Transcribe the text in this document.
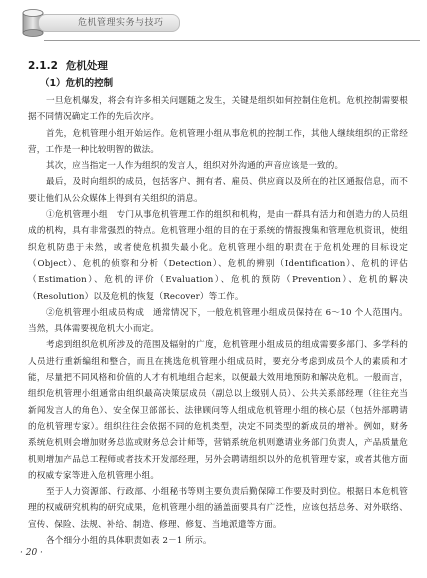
危机管理实务与技巧
2.1.2 危机处理
（1）危机的控制

一旦危机爆发，将会有许多相关问题随之发生，关键是组织如何控制住危机。危机控制需要根据不同情况确定工作的先后次序。

首先，危机管理小组开始运作。危机管理小组从事危机的控制工作，其他人继续组织的正常经营，工作是一种比较明智的做法。

其次，应当指定一人作为组织的发言人，组织对外沟通的声音应该是一致的。

最后，及时向组织的成员，包括客户、拥有者、雇员、供应商以及所在的社区通报信息，而不要让他们从公众媒体上得到有关组织的消息。

①危机管理小组　专门从事危机管理工作的组织和机构，是由一群具有活力和创造力的人员组成的机构，具有非常强烈的特点。危机管理小组的目的在于系统的情报搜集和管理危机资讯，使组织危机防患于未然，或者使危机损失最小化。危机管理小组的职责在于危机处理的目标设定（Object）、危机的侦察和分析（Detection）、危机的辨别（Identification）、危机的评估（Estimation）、危机的评价（Evaluation）、危机的预防（Prevention）、危机的解决（Resolution）以及危机的恢复（Recover）等工作。

②危机管理小组成员构成　通常情况下，一般危机管理小组成员保持在 6～10 个人范围内。当然，具体需要视危机大小而定。

考虑到组织危机所涉及的范围及辐射的广度，危机管理小组成员的组成需要多部门、多学科的人员进行重新编组和整合，而且在挑选危机管理小组成员时，要充分考虑到成员个人的素质和才能，尽量把不同风格和价值的人才有机地组合起来，以便最大效用地预防和解决危机。一般而言，组织危机管理小组通常由组织最高决策层成员（副总以上级别人员）、公共关系部经理（往往充当新闻发言人的角色）、安全保卫部部长、法律顾问等人组成危机管理小组的核心层（包括外部聘请的危机管理专家）。组织往往会依据不同的危机类型，决定不同类型的新成员的增补。例如，财务系统危机则会增加财务总监或财务总会计师等，营销系统危机则邀请业务部门负责人，产品质量危机则增加产品总工程师或者技术开发部经理，另外会聘请组织以外的危机管理专家，或者其他方面的权威专家等进入危机管理小组。

至于人力资源部、行政部、小组秘书等则主要负责后勤保障工作要及时到位。根据日本危机管理的权威研究机构的研究成果，危机管理小组的涵盖面要具有广泛性，应该包括总务、对外联络、宣传、保险、法规、补给、制造、修理、修复、当地派遣等方面。

各个细分小组的具体职责如表 2－1 所示。

· 20 ·
